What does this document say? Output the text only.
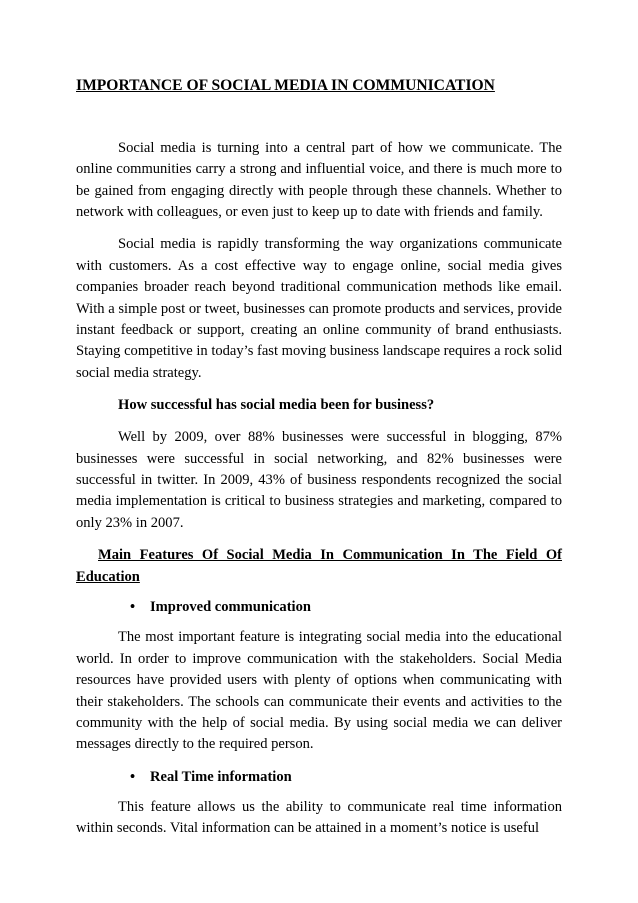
IMPORTANCE OF SOCIAL MEDIA IN COMMUNICATION

Social media is turning into a central part of how we communicate. The online communities carry a strong and influential voice, and there is much more to be gained from engaging directly with people through these channels. Whether to network with colleagues, or even just to keep up to date with friends and family.

Social media is rapidly transforming the way organizations communicate with customers. As a cost effective way to engage online, social media gives companies broader reach beyond traditional communication methods like email. With a simple post or tweet, businesses can promote products and services, provide instant feedback or support, creating an online community of brand enthusiasts. Staying competitive in today’s fast moving business landscape requires a rock solid social media strategy.

How successful has social media been for business?

Well by 2009, over 88% businesses were successful in blogging, 87% businesses were successful in social networking, and 82% businesses were successful in twitter. In 2009, 43% of business respondents recognized the social media implementation is critical to business strategies and marketing, compared to only 23% in 2007.

Main Features Of Social Media In Communication In The Field Of Education

• Improved communication

The most important feature is integrating social media into the educational world. In order to improve communication with the stakeholders. Social Media resources have provided users with plenty of options when communicating with their stakeholders. The schools can communicate their events and activities to the community with the help of social media. By using social media we can deliver messages directly to the required person.

• Real Time information

This feature allows us the ability to communicate real time information within seconds. Vital information can be attained in a moment’s notice is useful
